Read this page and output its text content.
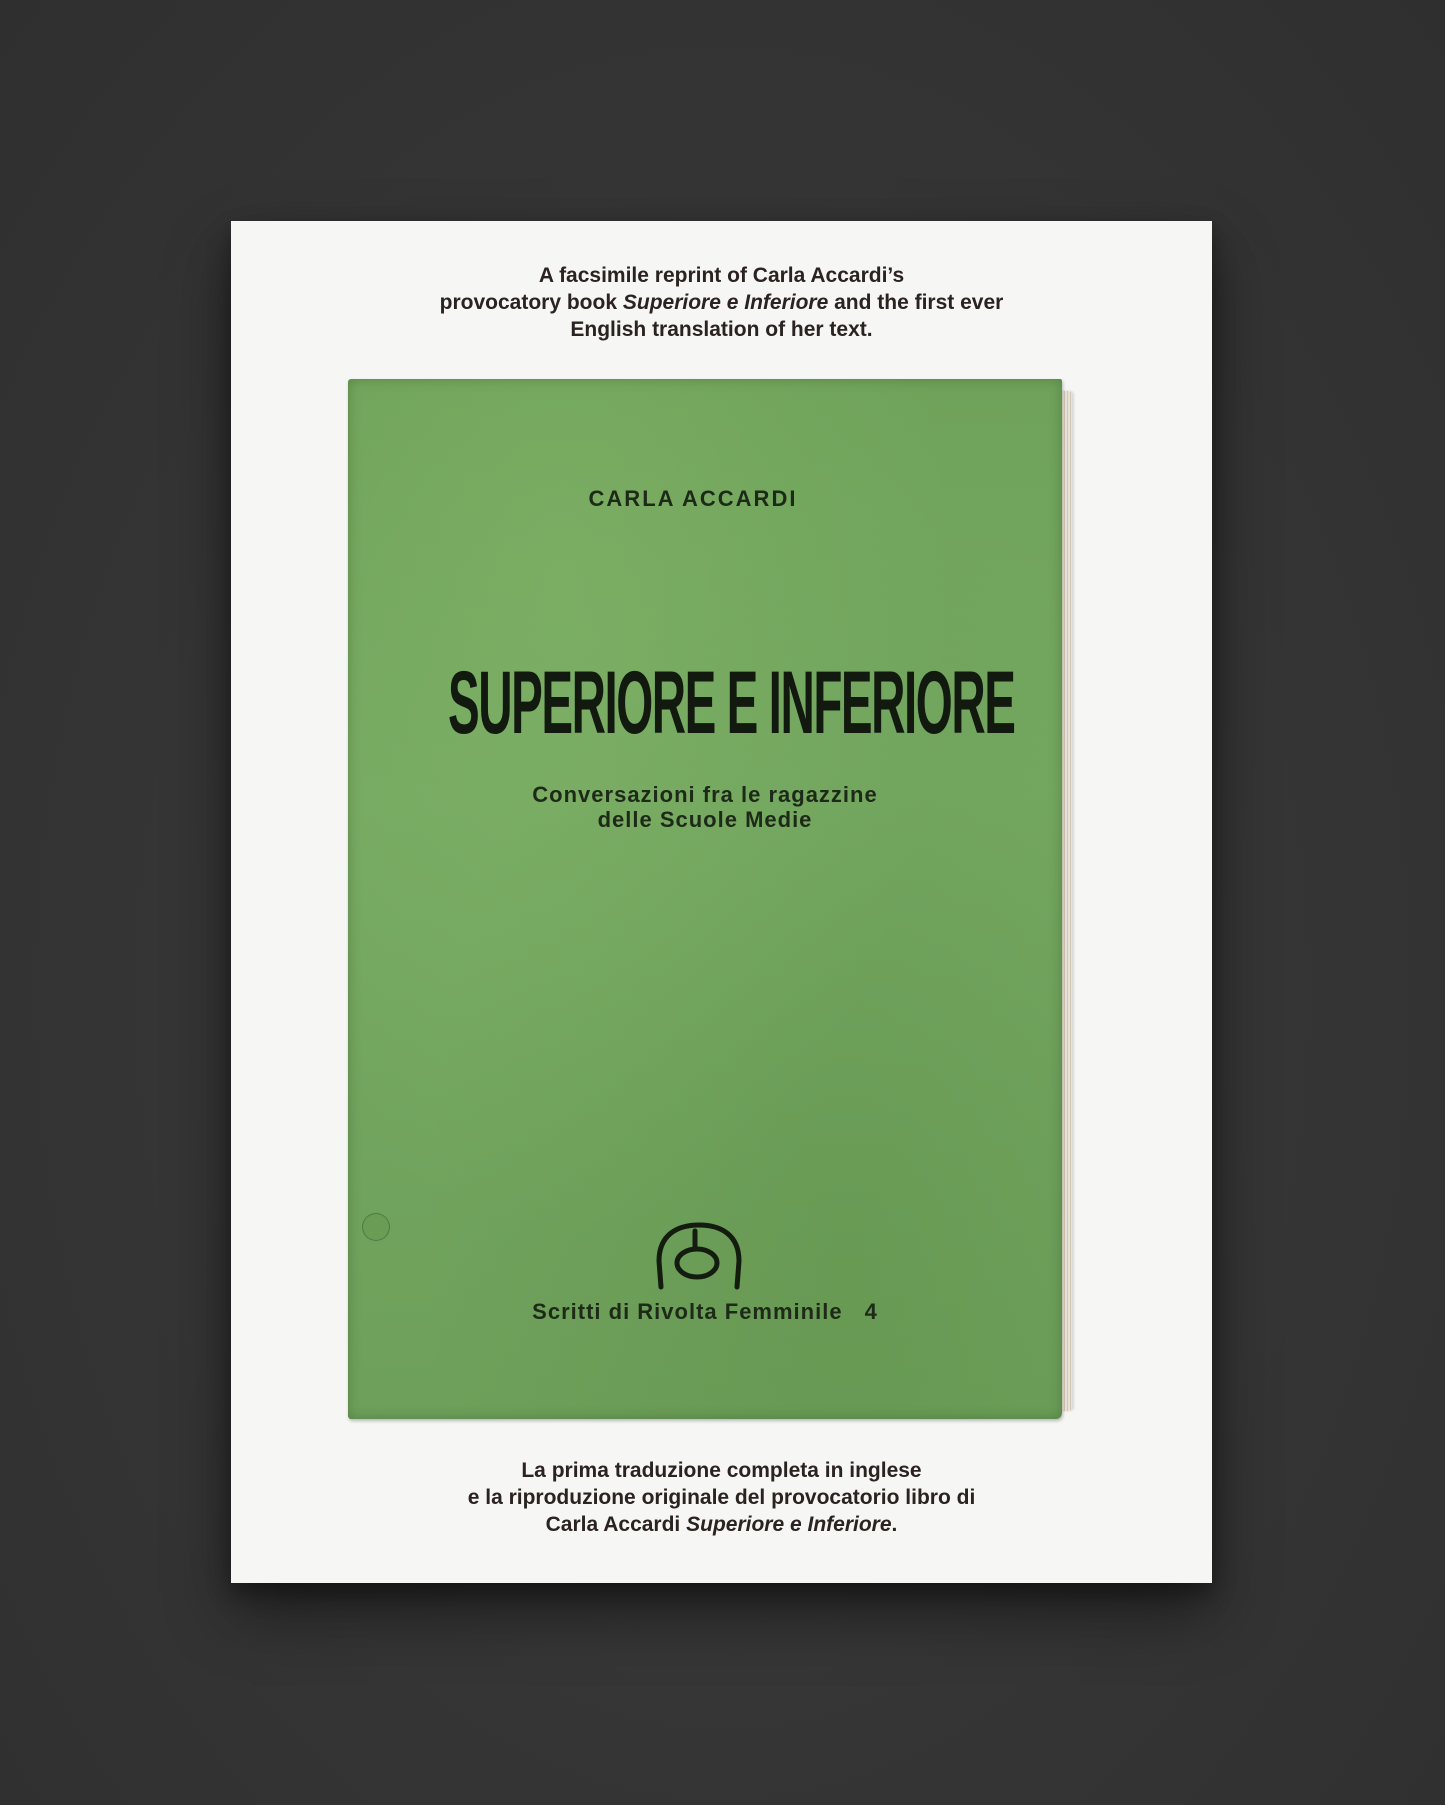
A facsimile reprint of Carla Accardi’s
provocatory book Superiore e Inferiore and the first ever
English translation of her text.

CARLA ACCARDI
SUPERIORE E INFERIORE
Conversazioni fra le ragazzine
delle Scuole Medie
Scritti di Rivolta Femminile 4

La prima traduzione completa in inglese
e la riproduzione originale del provocatorio libro di
Carla Accardi Superiore e Inferiore.
